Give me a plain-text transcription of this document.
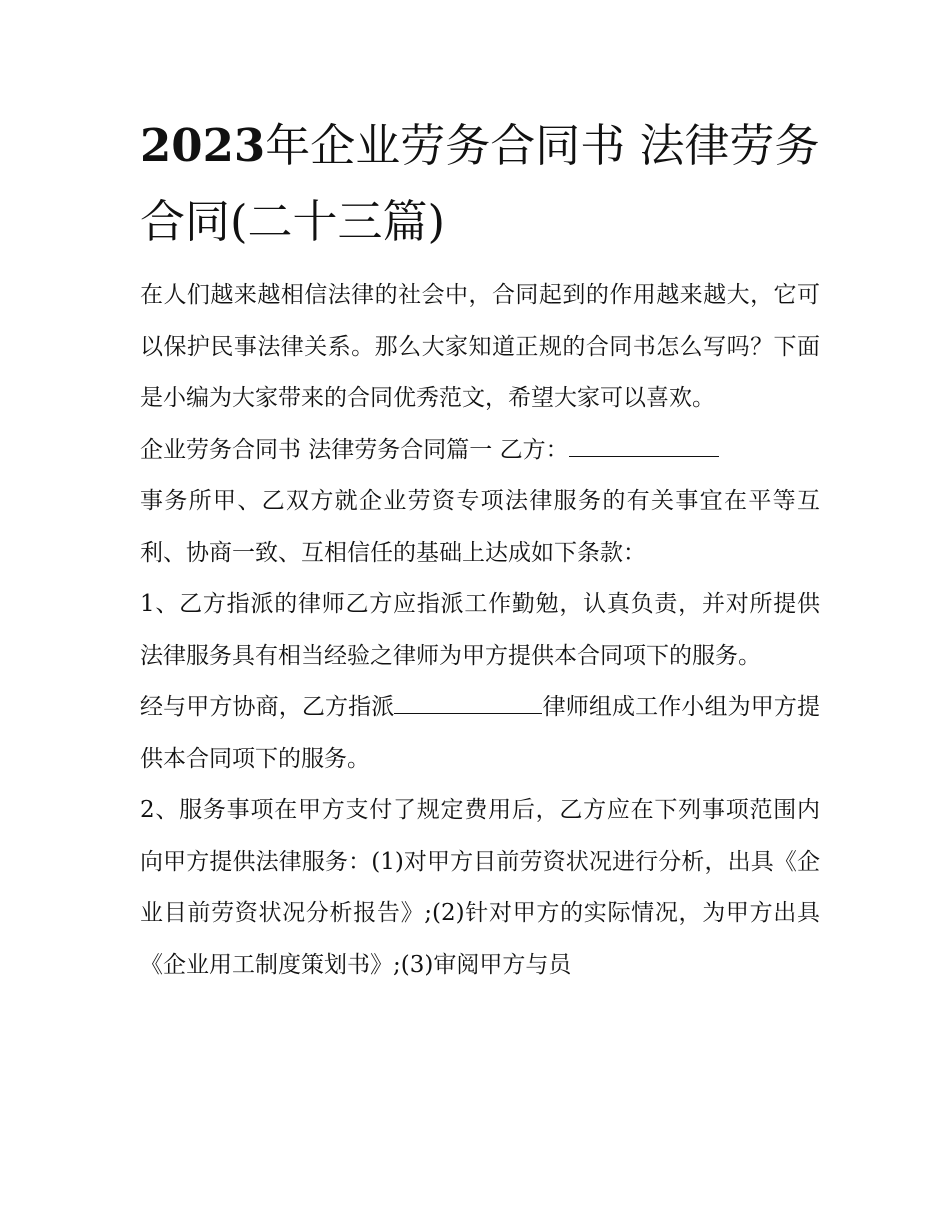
2023年企业劳务合同书 法律劳务合同(二十三篇)

在人们越来越相信法律的社会中，合同起到的作用越来越大，它可以保护民事法律关系。那么大家知道正规的合同书怎么写吗？下面是小编为大家带来的合同优秀范文，希望大家可以喜欢。

企业劳务合同书 法律劳务合同篇一 乙方：

事务所甲、乙双方就企业劳资专项法律服务的有关事宜在平等互利、协商一致、互相信任的基础上达成如下条款：

1、乙方指派的律师乙方应指派工作勤勉，认真负责，并对所提供法律服务具有相当经验之律师为甲方提供本合同项下的服务。

经与甲方协商，乙方指派	律师组成工作小组为甲方提供本合同项下的服务。

2、服务事项在甲方支付了规定费用后，乙方应在下列事项范围内向甲方提供法律服务：(1)对甲方目前劳资状况进行分析，出具《企业目前劳资状况分析报告》;(2)针对甲方的实际情况，为甲方出具《企业用工制度策划书》;(3)审阅甲方与员
